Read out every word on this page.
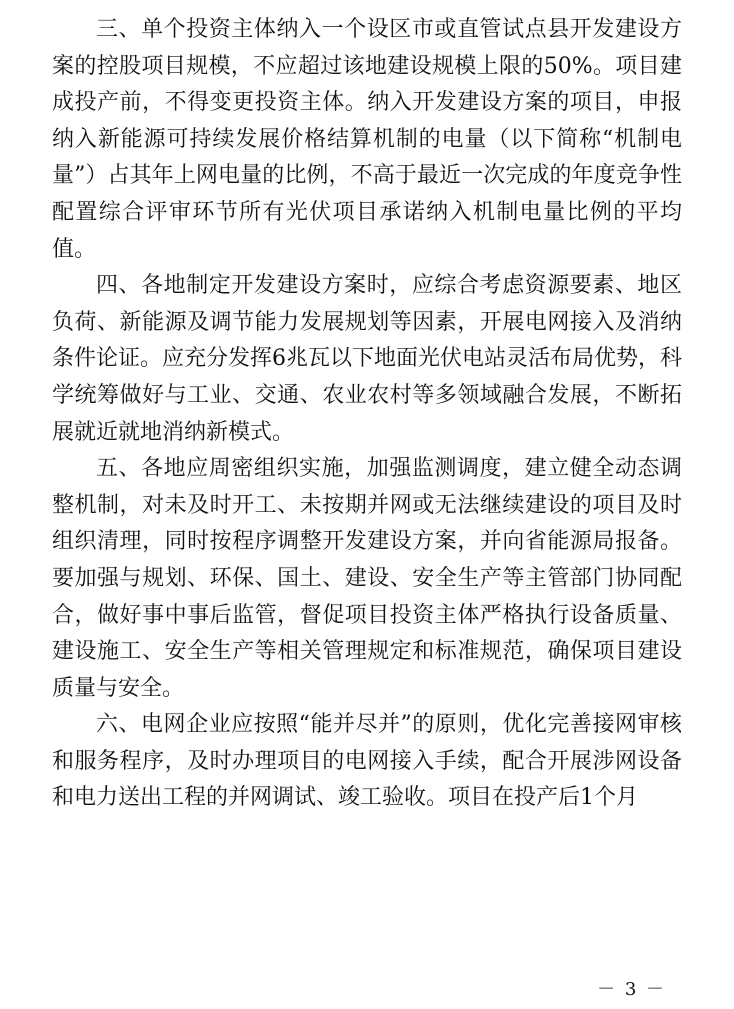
三、单个投资主体纳入一个设区市或直管试点县开发建设方案的控股项目规模，不应超过该地建设规模上限的50%。项目建成投产前，不得变更投资主体。纳入开发建设方案的项目，申报纳入新能源可持续发展价格结算机制的电量（以下简称“机制电量”）占其年上网电量的比例，不高于最近一次完成的年度竞争性配置综合评审环节所有光伏项目承诺纳入机制电量比例的平均值。

四、各地制定开发建设方案时，应综合考虑资源要素、地区负荷、新能源及调节能力发展规划等因素，开展电网接入及消纳条件论证。应充分发挥6兆瓦以下地面光伏电站灵活布局优势，科学统筹做好与工业、交通、农业农村等多领域融合发展，不断拓展就近就地消纳新模式。

五、各地应周密组织实施，加强监测调度，建立健全动态调整机制，对未及时开工、未按期并网或无法继续建设的项目及时组织清理，同时按程序调整开发建设方案，并向省能源局报备。要加强与规划、环保、国土、建设、安全生产等主管部门协同配合，做好事中事后监管，督促项目投资主体严格执行设备质量、建设施工、安全生产等相关管理规定和标准规范，确保项目建设质量与安全。

六、电网企业应按照“能并尽并”的原则，优化完善接网审核和服务程序，及时办理项目的电网接入手续，配合开展涉网设备和电力送出工程的并网调试、竣工验收。项目在投产后1个月

－ 3 －
